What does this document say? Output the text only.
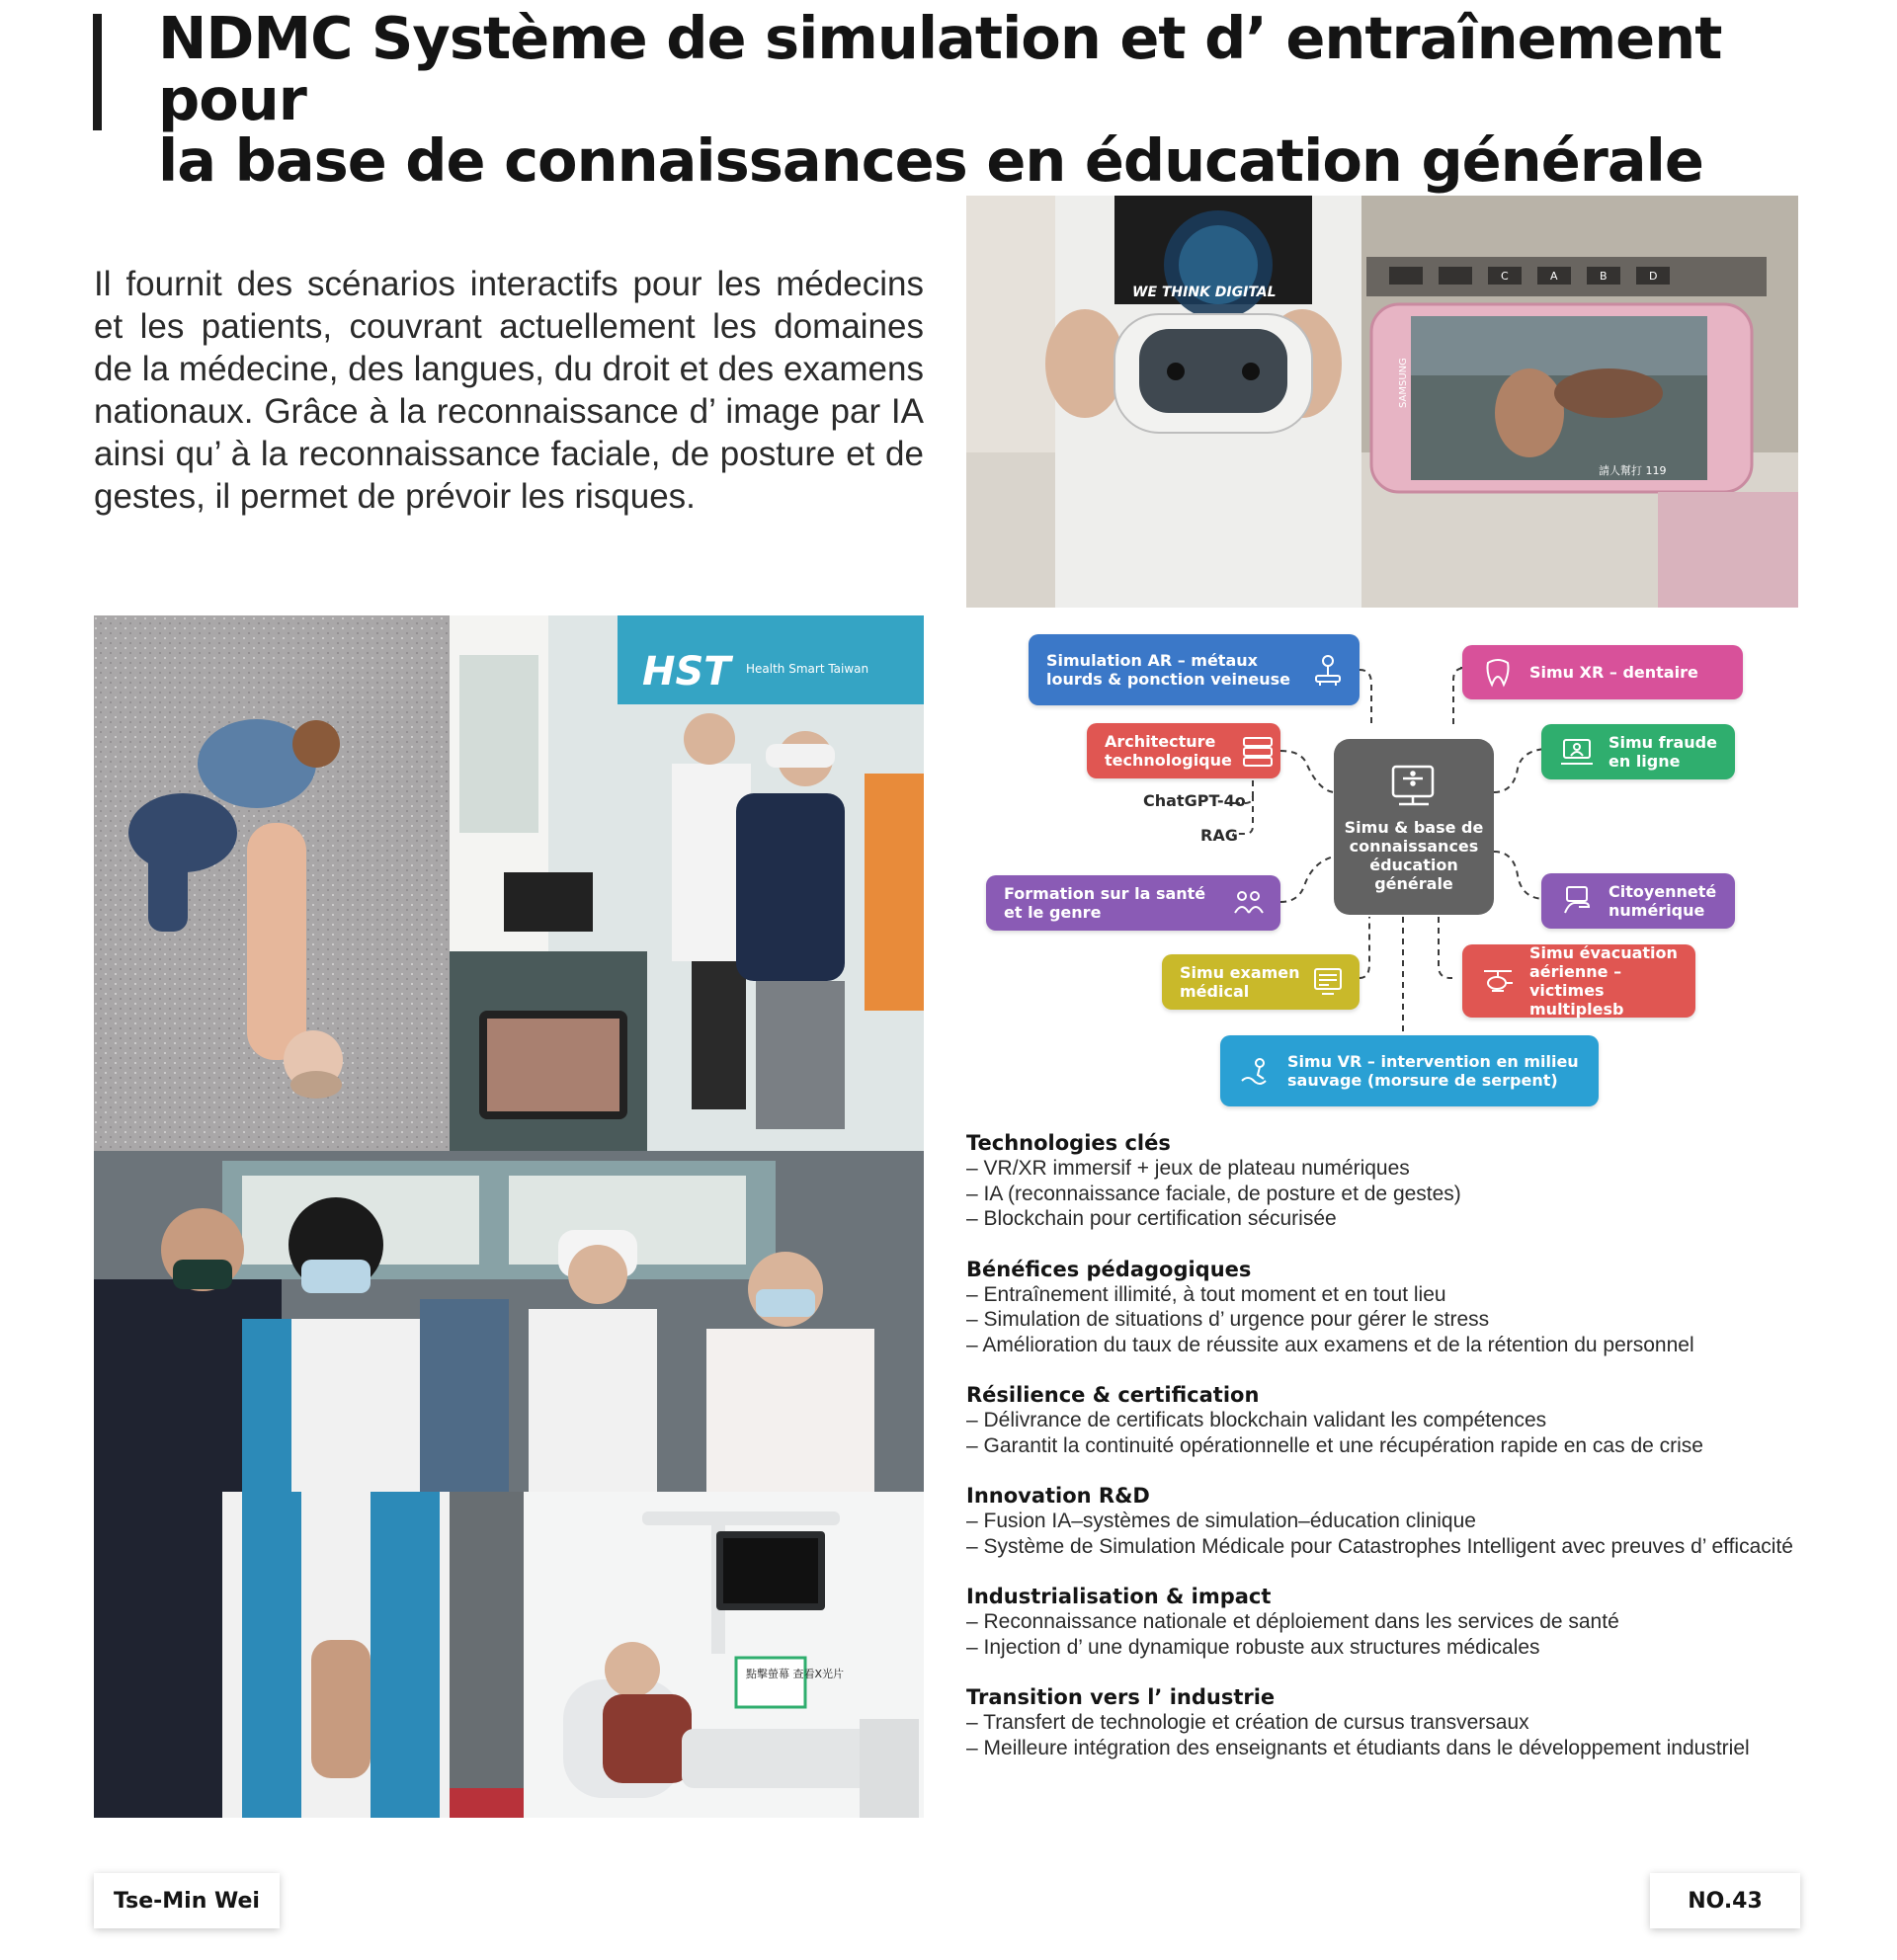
NDMC Système de simulation et d’ entraînement pour
la base de connaissances en éducation générale

Il fournit des scénarios interactifs pour les médecins et les patients, couvrant actuellement les domaines de la médecine, des langues, du droit et des examens nationaux. Grâce à la reconnaissance d’ image par IA ainsi qu’ à la reconnaissance faciale, de posture et de gestes, il permet de prévoir les risques.

WE THINK DIGITAL
C	A	B	D
SAMSUNG
請人幫打 119
HST Health Smart Taiwan
點擊螢幕 查看X光片
Simulation AR – métaux lourds & ponction veineuse
Architecture technologique
ChatGPT-4o
RAG
Formation sur la santé et le genre
Simu examen médical
Simu VR – intervention en milieu sauvage (morsure de serpent)
Simu & base de connaissances éducation générale
Simu XR – dentaire
Simu fraude en ligne
Citoyenneté numérique
Simu évacuation aérienne – victimes multiplesb
Technologies clés
– VR/XR immersif + jeux de plateau numériques
– IA (reconnaissance faciale, de posture et de gestes)
– Blockchain pour certification sécurisée
Bénéfices pédagogiques
– Entraînement illimité, à tout moment et en tout lieu
– Simulation de situations d’ urgence pour gérer le stress
– Amélioration du taux de réussite aux examens et de la rétention du personnel
Résilience & certification
– Délivrance de certificats blockchain validant les compétences
– Garantit la continuité opérationnelle et une récupération rapide en cas de crise
Innovation R&D
– Fusion IA–systèmes de simulation–éducation clinique
– Système de Simulation Médicale pour Catastrophes Intelligent avec preuves d’ efficacité
Industrialisation & impact
– Reconnaissance nationale et déploiement dans les services de santé
– Injection d’ une dynamique robuste aux structures médicales
Transition vers l’ industrie
– Transfert de technologie et création de cursus transversaux
– Meilleure intégration des enseignants et étudiants dans le développement industriel
Tse-Min Wei	NO.43
